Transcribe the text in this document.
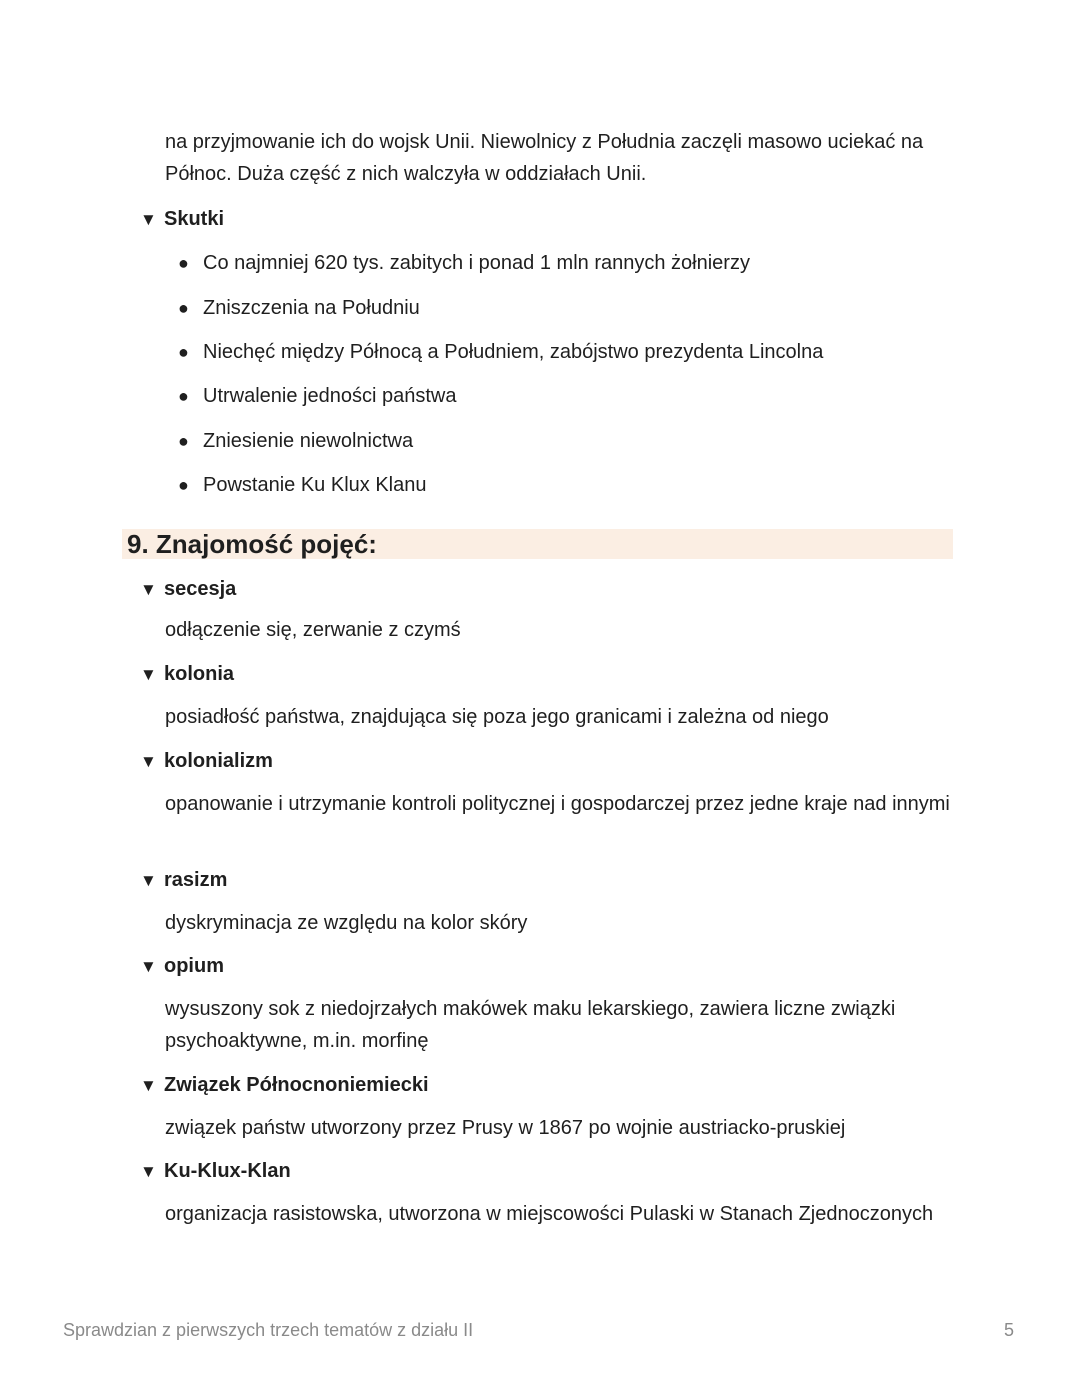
na przyjmowanie ich do wojsk Unii. Niewolnicy z Południa zaczęli masowo uciekać na Północ. Duża część z nich walczyła w oddziałach Unii.
▼ Skutki
● Co najmniej 620 tys. zabitych i ponad 1 mln rannych żołnierzy
● Zniszczenia na Południu
● Niechęć między Północą a Południem, zabójstwo prezydenta Lincolna
● Utrwalenie jedności państwa
● Zniesienie niewolnictwa
● Powstanie Ku Klux Klanu
9. Znajomość pojęć:
▼ secesja
odłączenie się, zerwanie z czymś
▼ kolonia
posiadłość państwa, znajdująca się poza jego granicami i zależna od niego
▼ kolonializm
opanowanie i utrzymanie kontroli politycznej i gospodarczej przez jedne kraje nad innymi
▼ rasizm
dyskryminacja ze względu na kolor skóry
▼ opium
wysuszony sok z niedojrzałych makówek maku lekarskiego, zawiera liczne związki psychoaktywne, m.in. morfinę
▼ Związek Północnoniemiecki
związek państw utworzony przez Prusy w 1867 po wojnie austriacko-pruskiej
▼ Ku-Klux-Klan
organizacja rasistowska, utworzona w miejscowości Pulaski w Stanach Zjednoczonych
Sprawdzian z pierwszych trzech tematów z działu II	5
